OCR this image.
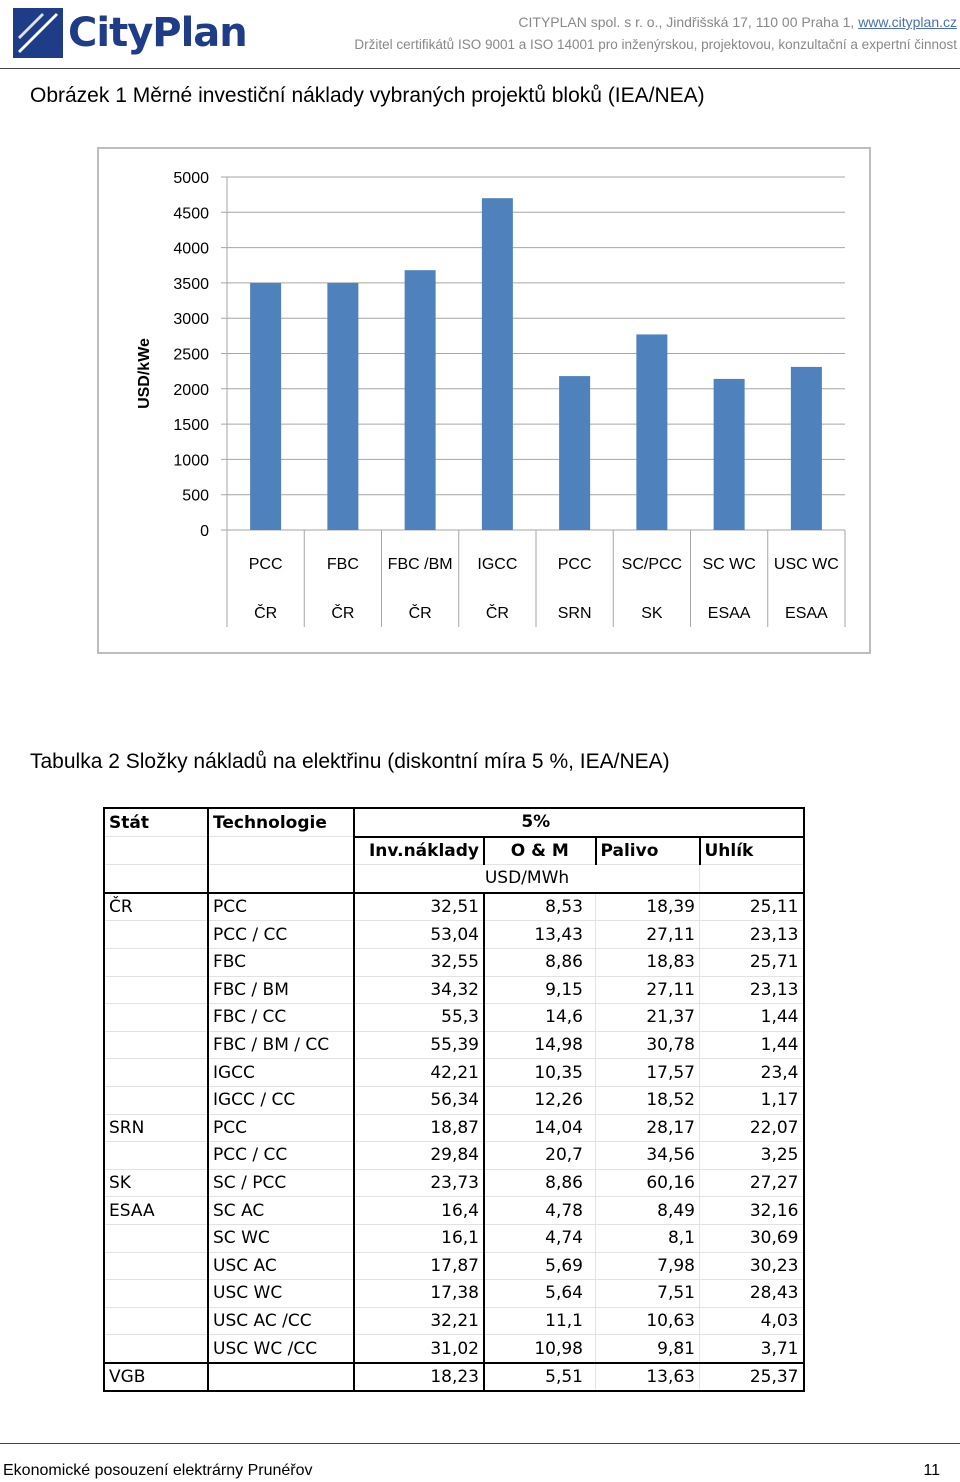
CityPlan	CITYPLAN spol. s r. o., Jindřišská 17, 110 00 Praha 1, www.cityplan.cz
Držitel certifikátů ISO 9001 a ISO 14001 pro inženýrskou, projektovou, konzultační a expertní činnost
Obrázek 1 Měrné investiční náklady vybraných projektů bloků (IEA/NEA)
0
500
1000
1500
2000
2500
3000
3500
4000
4500
5000
USD/kWe
PCC
ČR
FBC
ČR
FBC /BM
ČR
IGCC
ČR
PCC
SRN
SC/PCC
SK
SC WC
ESAA
USC WC
ESAA
Tabulka 2 Složky nákladů na elektřinu (diskontní míra 5 %, IEA/NEA)
Stát	Technologie	5%			
		Inv.náklady	O & M	Palivo	Uhlík
		USD/MWh			
ČR	PCC	32,51	8,53	18,39	25,11
	PCC / CC	53,04	13,43	27,11	23,13
	FBC	32,55	8,86	18,83	25,71
	FBC / BM	34,32	9,15	27,11	23,13
	FBC / CC	55,3	14,6	21,37	1,44
	FBC / BM / CC	55,39	14,98	30,78	1,44
	IGCC	42,21	10,35	17,57	23,4
	IGCC / CC	56,34	12,26	18,52	1,17
SRN	PCC	18,87	14,04	28,17	22,07
	PCC / CC	29,84	20,7	34,56	3,25
SK	SC / PCC	23,73	8,86	60,16	27,27
ESAA	SC AC	16,4	4,78	8,49	32,16
	SC WC	16,1	4,74	8,1	30,69
	USC AC	17,87	5,69	7,98	30,23
	USC WC	17,38	5,64	7,51	28,43
	USC AC /CC	32,21	11,1	10,63	4,03
	USC WC /CC	31,02	10,98	9,81	3,71
VGB		18,23	5,51	13,63	25,37
Ekonomické posouzení elektrárny Prunéřov	11
